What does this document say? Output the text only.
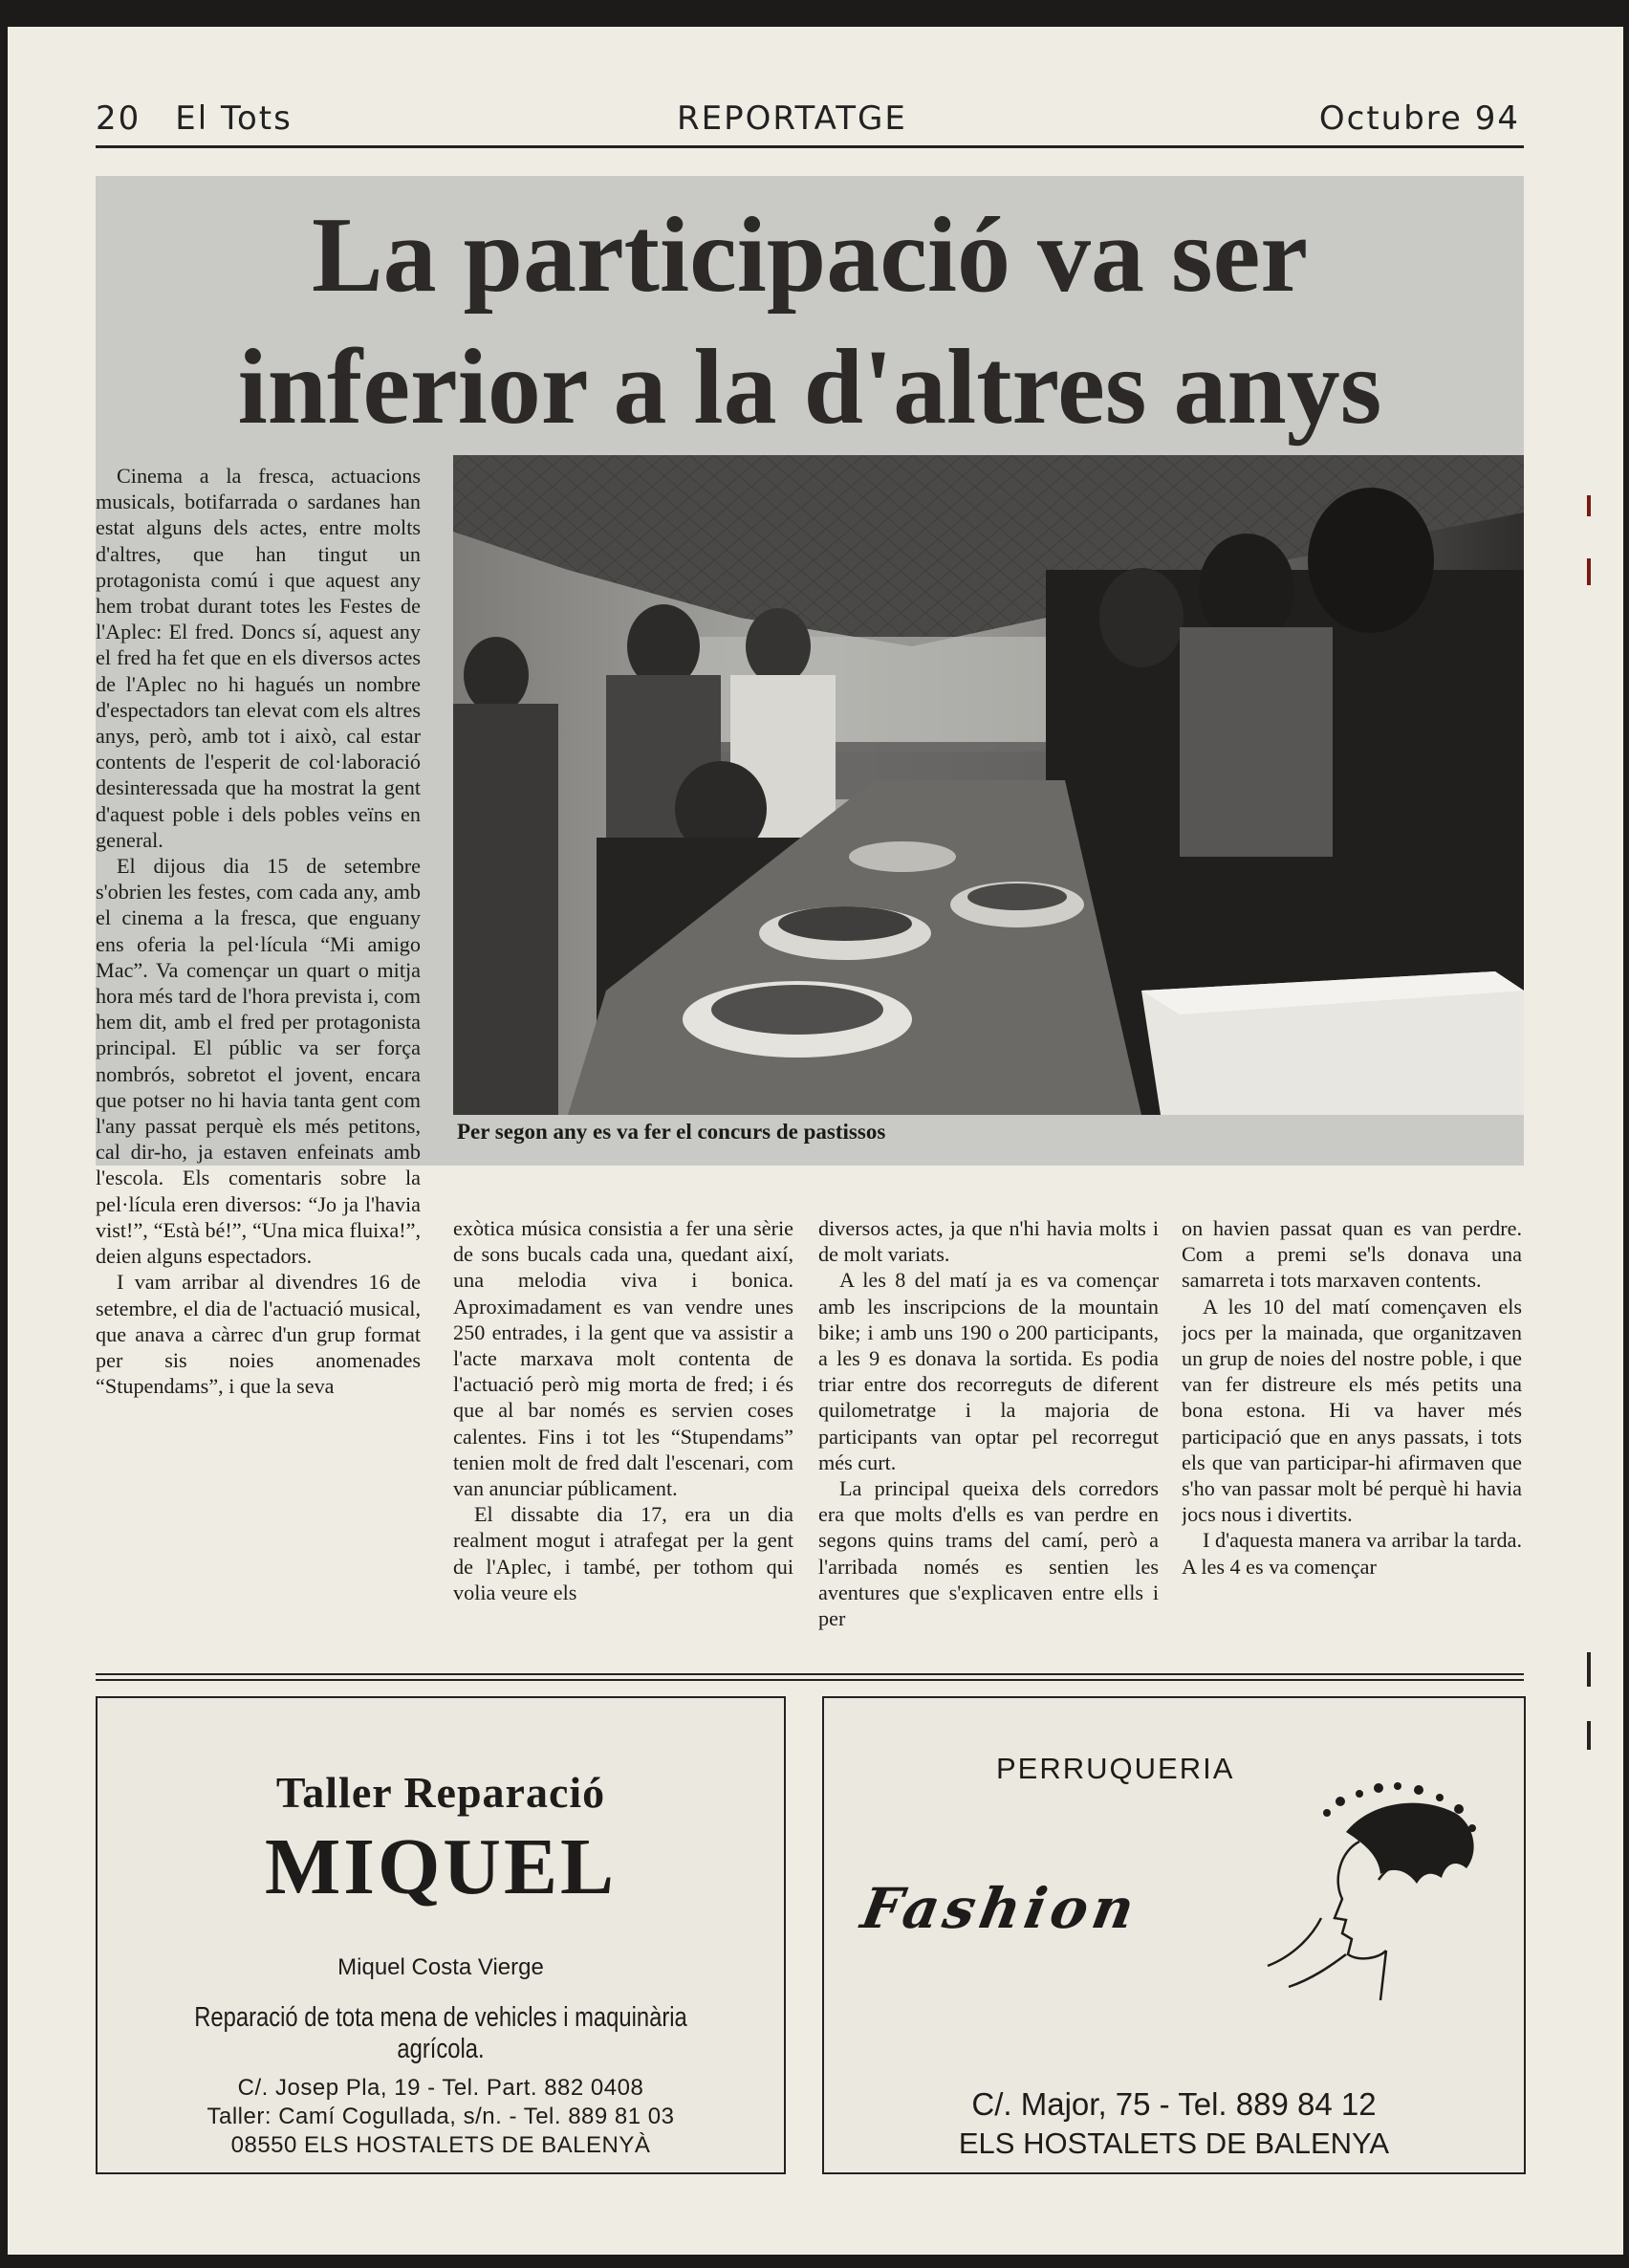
20 El Tots	REPORTATGE	Octubre 94
La participació va ser
inferior a la d'altres anys
Per segon any es va fer el concurs de pastissos

Cinema a la fresca, actuacions musicals, botifarrada o sardanes han estat alguns dels actes, entre molts d'altres, que han tingut un protagonista comú i que aquest any hem trobat durant totes les Festes de l'Aplec: El fred. Doncs sí, aquest any el fred ha fet que en els diversos actes de l'Aplec no hi hagués un nombre d'espectadors tan elevat com els altres anys, però, amb tot i això, cal estar contents de l'esperit de col·laboració desinteressada que ha mostrat la gent d'aquest poble i dels pobles veïns en general.

El dijous dia 15 de setembre s'obrien les festes, com cada any, amb el cinema a la fresca, que enguany ens oferia la pel·lícula “Mi amigo Mac”. Va començar un quart o mitja hora més tard de l'hora prevista i, com hem dit, amb el fred per protagonista principal. El públic va ser força nombrós, sobretot el jovent, encara que potser no hi havia tanta gent com l'any passat perquè els més petitons, cal dir-ho, ja estaven enfeinats amb l'escola. Els comentaris sobre la pel·lícula eren diversos: “Jo ja l'havia vist!”, “Està bé!”, “Una mica fluixa!”, deien alguns espectadors.

I vam arribar al divendres 16 de setembre, el dia de l'actuació musical, que anava a càrrec d'un grup format per sis noies anomenades “Stupendams”, i que la seva

exòtica música consistia a fer una sèrie de sons bucals cada una, quedant així, una melodia viva i bonica. Aproximadament es van vendre unes 250 entrades, i la gent que va assistir a l'acte marxava molt contenta de l'actuació però mig morta de fred; i és que al bar només es servien coses calentes. Fins i tot les “Stupendams” tenien molt de fred dalt l'escenari, com van anunciar públicament.

El dissabte dia 17, era un dia realment mogut i atrafegat per la gent de l'Aplec, i també, per tothom qui volia veure els

diversos actes, ja que n'hi havia molts i de molt variats.

A les 8 del matí ja es va començar amb les inscripcions de la mountain bike; i amb uns 190 o 200 participants, a les 9 es donava la sortida. Es podia triar entre dos recorreguts de diferent quilometratge i la majoria de participants van optar pel recorregut més curt.

La principal queixa dels corredors era que molts d'ells es van perdre en segons quins trams del camí, però a l'arribada només es sentien les aventures que s'explicaven entre ells i per

on havien passat quan es van perdre. Com a premi se'ls donava una samarreta i tots marxaven contents.

A les 10 del matí començaven els jocs per la mainada, que organitzaven un grup de noies del nostre poble, i que van fer distreure els més petits una bona estona. Hi va haver més participació que en anys passats, i tots els que van participar-hi afirmaven que s'ho van passar molt bé perquè hi havia jocs nous i divertits.

I d'aquesta manera va arribar la tarda. A les 4 es va començar

Taller Reparació
MIQUEL
Miquel Costa Vierge
Reparació de tota mena de vehicles i maquinària agrícola.
C/. Josep Pla, 19 - Tel. Part. 882 0408
Taller: Camí Cogullada, s/n. - Tel. 889 81 03
08550 ELS HOSTALETS DE BALENYÀ
PERRUQUERIA
Fashion
C/. Major, 75 - Tel. 889 84 12
ELS HOSTALETS DE BALENYA
